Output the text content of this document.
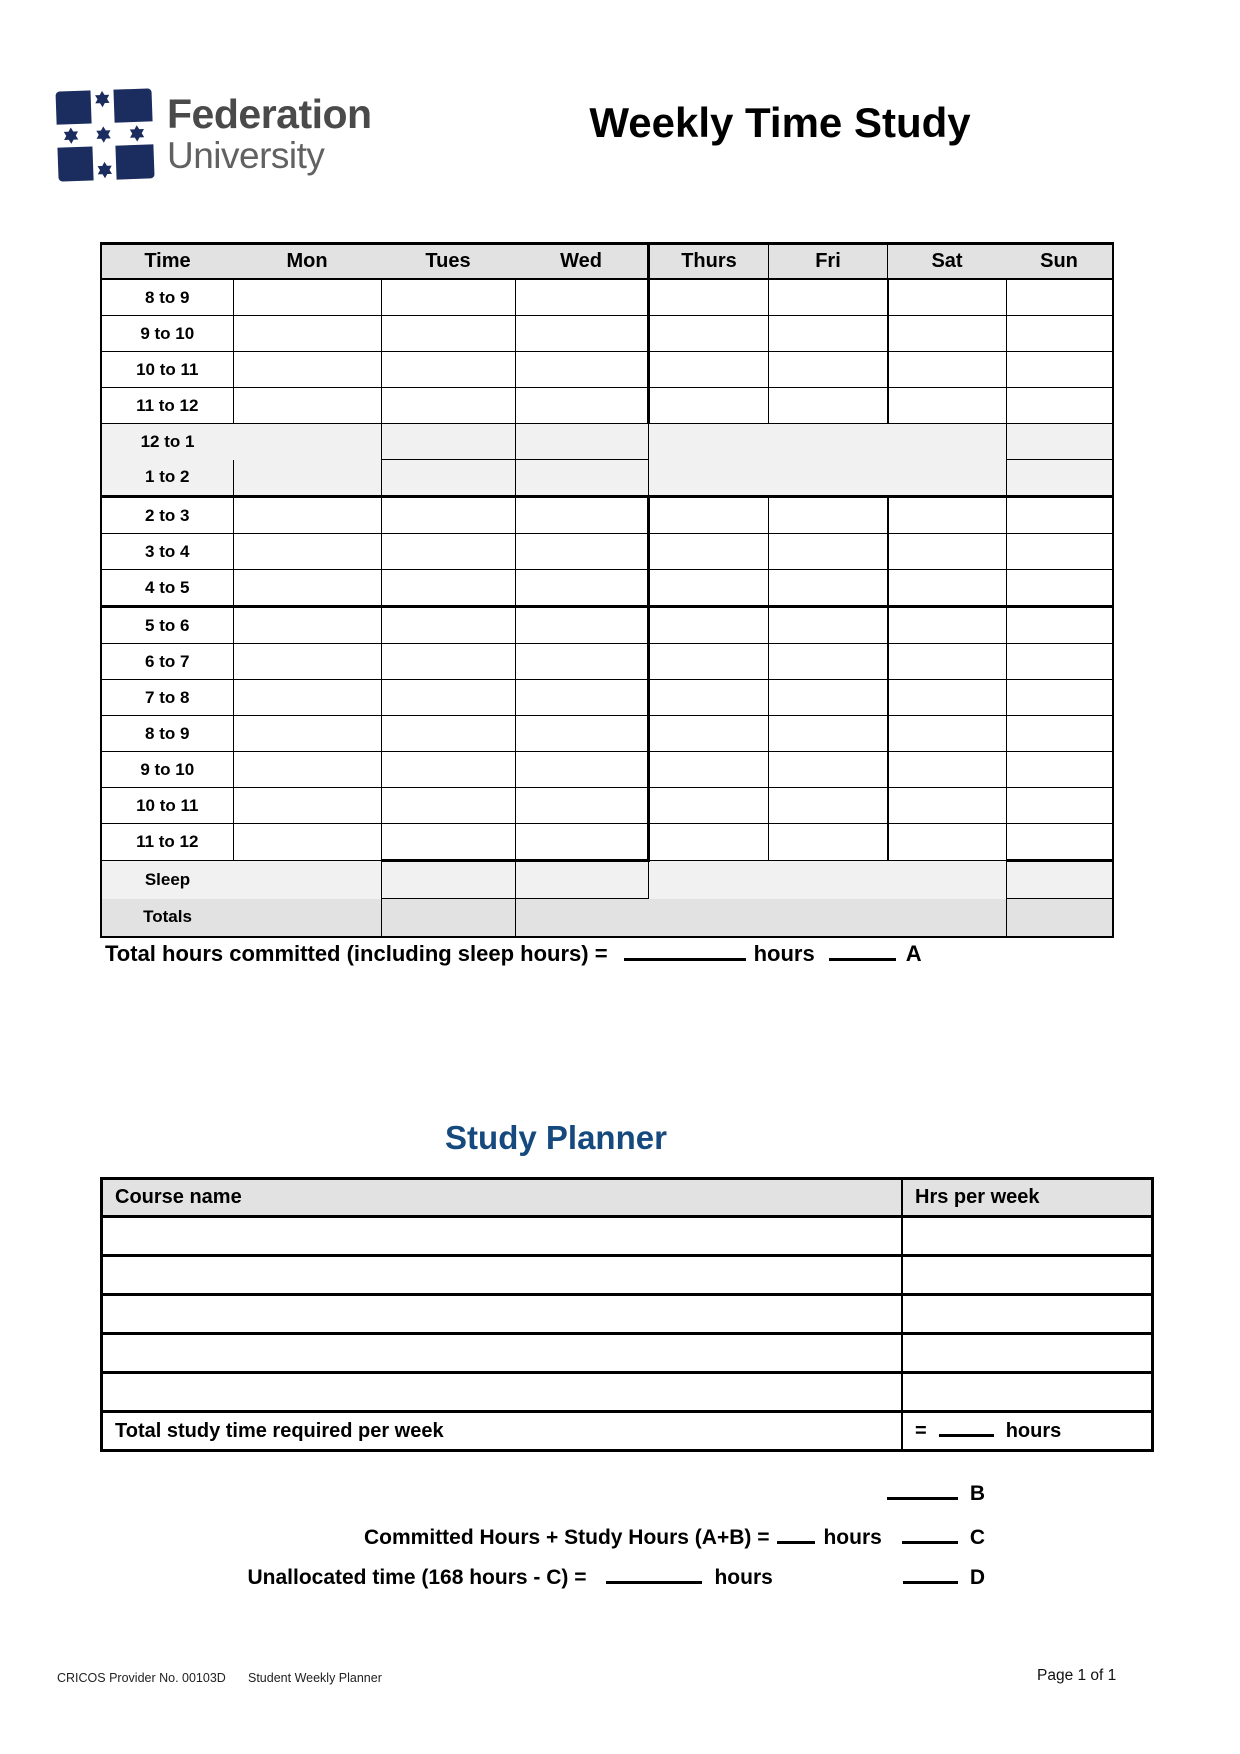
Federation
University
Weekly Time Study
Time	Mon	Tues	Wed	Thurs	Fri	Sat	Sun
8 to 9							
9 to 10							
10 to 11							
11 to 12							
12 to 1							
1 to 2							
2 to 3							
3 to 4							
4 to 5							
5 to 6							
6 to 7							
7 to 8							
8 to 9							
9 to 10							
10 to 11							
11 to 12							
Sleep							
Totals							
Total hours committed (including sleep hours) =	hours	A
Study Planner
Course name	Hrs per week

Total study time required per week	= hours
B
Committed Hours + Study Hours (A+B) =	hours	C
Unallocated time (168 hours - C) =	hours	D
CRICOS Provider No. 00103D Student Weekly Planner	Page 1 of 1
